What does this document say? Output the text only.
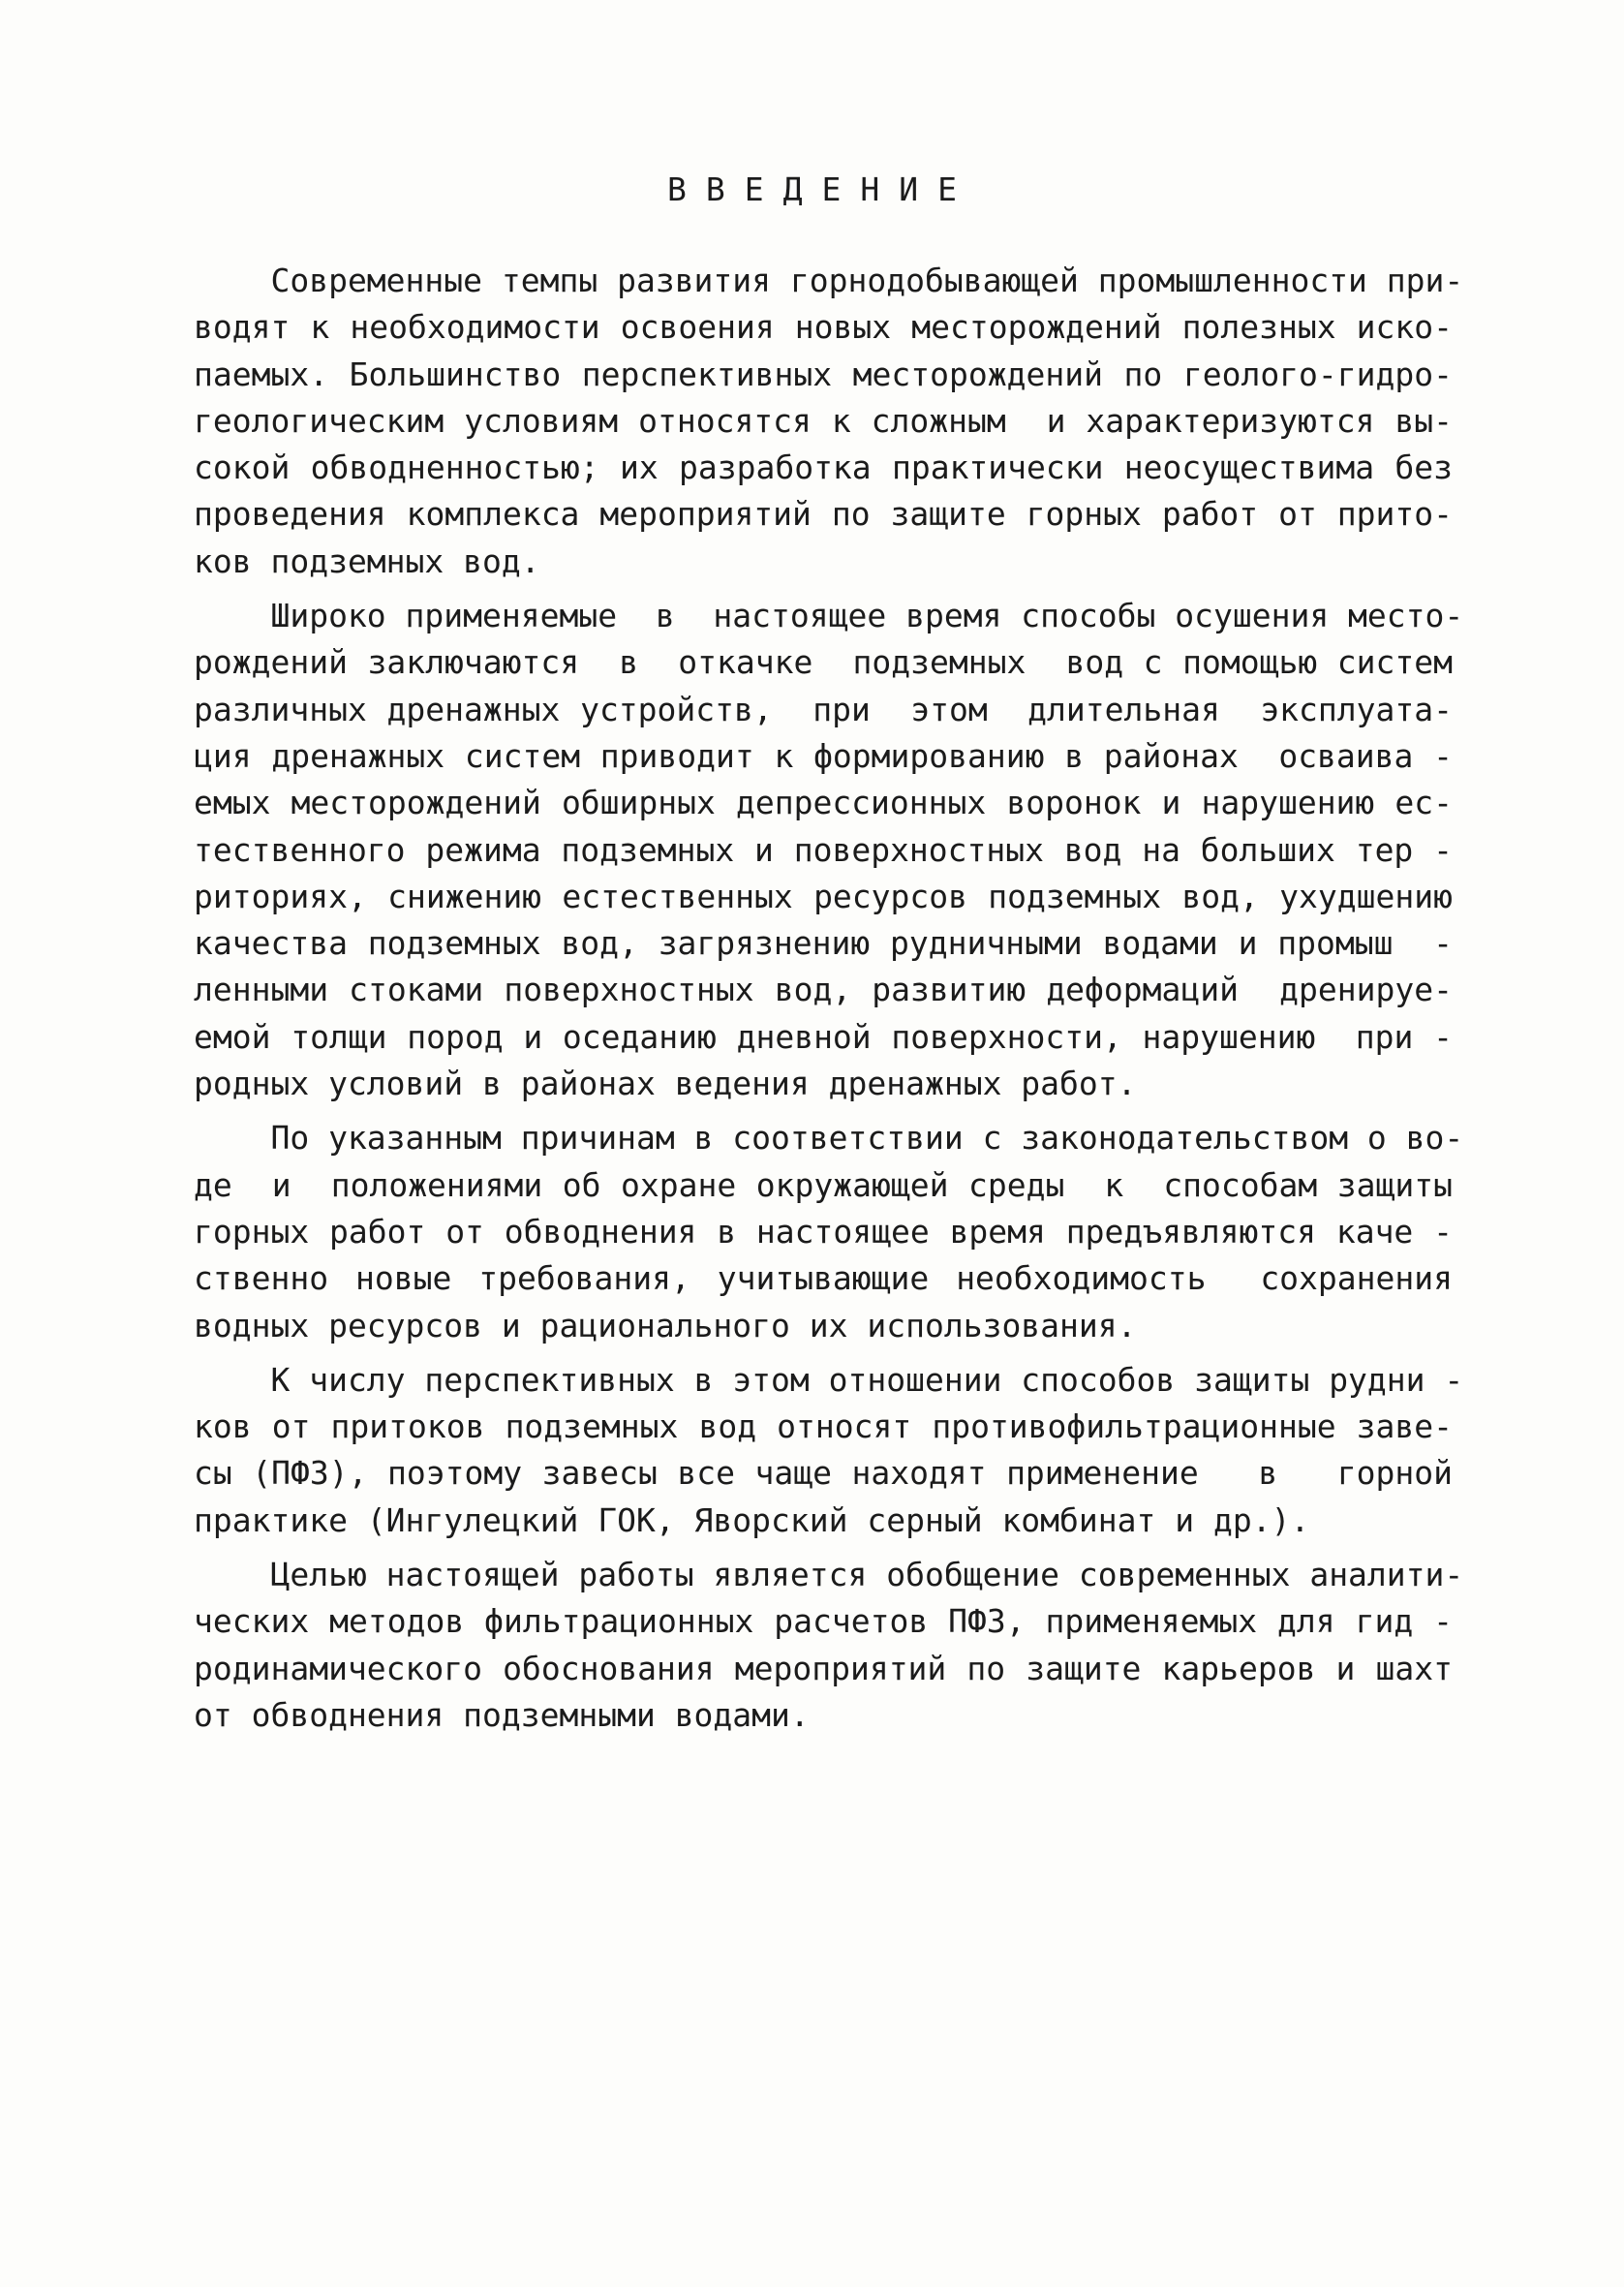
ВВЕДЕНИЕ
Современные темпы развития горнодобывающей промышленности при-
водят к необходимости освоения новых месторождений полезных иско-
паемых. Большинство перспективных месторождений по геолого-гидро-
геологическим условиям относятся к сложным  и характеризуются вы-
сокой обводненностью; их разработка практически неосуществима без
проведения комплекса мероприятий по защите горных работ от прито-
ков подземных вод.
Широко применяемые  в  настоящее время способы осушения место-
рождений заключаются  в  откачке  подземных  вод с помощью систем
различных дренажных устройств,  при  этом  длительная  эксплуата-
ция дренажных систем приводит к формированию в районах  осваива -
емых месторождений обширных депрессионных воронок и нарушению ес-
тественного режима подземных и поверхностных вод на больших тер -
риториях, снижению естественных ресурсов подземных вод, ухудшению
качества подземных вод, загрязнению рудничными водами и промыш  -
ленными стоками поверхностных вод, развитию деформаций  дренируе-
емой толщи пород и оседанию дневной поверхности, нарушению  при -
родных условий в районах ведения дренажных работ.
По указанным причинам в соответствии с законодательством о во-
де  и  положениями об охране окружающей среды  к  способам защиты
горных работ от обводнения в настоящее время предъявляются каче -
ственно новые требования, учитывающие необходимость  сохранения
водных ресурсов и рационального их использования.
К числу перспективных в этом отношении способов защиты рудни -
ков от притоков подземных вод относят противофильтрационные заве-
сы (ПФЗ), поэтому завесы все чаще находят применение   в   горной
практике (Ингулецкий ГОК, Яворский серный комбинат и др.).
Целью настоящей работы является обобщение современных аналити-
ческих методов фильтрационных расчетов ПФЗ, применяемых для гид -
родинамического обоснования мероприятий по защите карьеров и шахт
от обводнения подземными водами.
